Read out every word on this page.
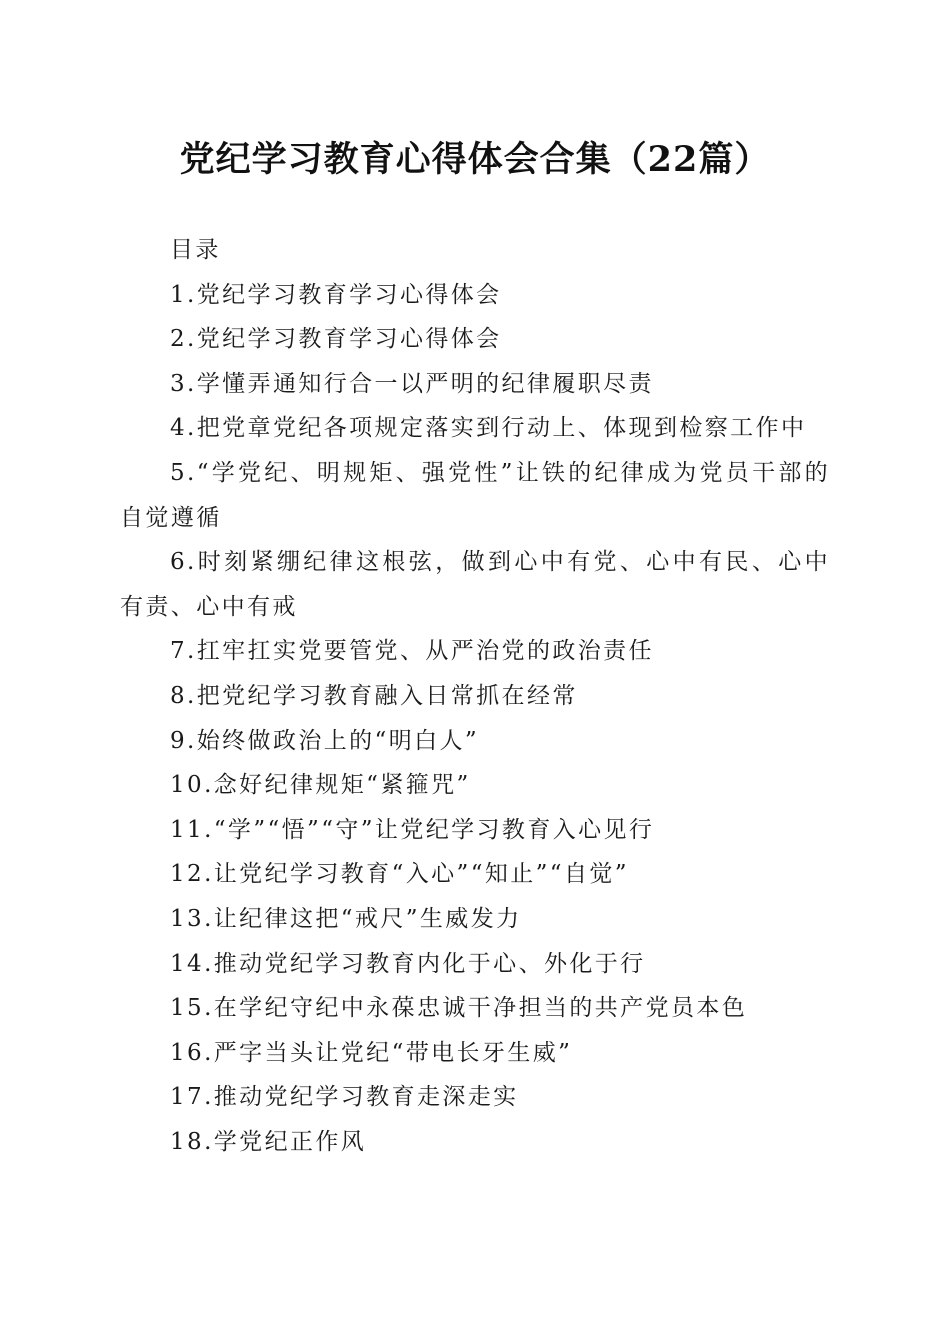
党纪学习教育心得体会合集（22篇）

目录

1.党纪学习教育学习心得体会
2.党纪学习教育学习心得体会
3.学懂弄通知行合一以严明的纪律履职尽责
4.把党章党纪各项规定落实到行动上、体现到检察工作中
5.“学党纪、明规矩、强党性”让铁的纪律成为党员干部的自觉遵循
6.时刻紧绷纪律这根弦，做到心中有党、心中有民、心中有责、心中有戒
7.扛牢扛实党要管党、从严治党的政治责任
8.把党纪学习教育融入日常抓在经常
9.始终做政治上的“明白人”
10.念好纪律规矩“紧箍咒”
11.“学”“悟”“守”让党纪学习教育入心见行
12.让党纪学习教育“入心”“知止”“自觉”
13.让纪律这把“戒尺”生威发力
14.推动党纪学习教育内化于心、外化于行
15.在学纪守纪中永葆忠诚干净担当的共产党员本色
16.严字当头让党纪“带电长牙生威”
17.推动党纪学习教育走深走实
18.学党纪正作风
